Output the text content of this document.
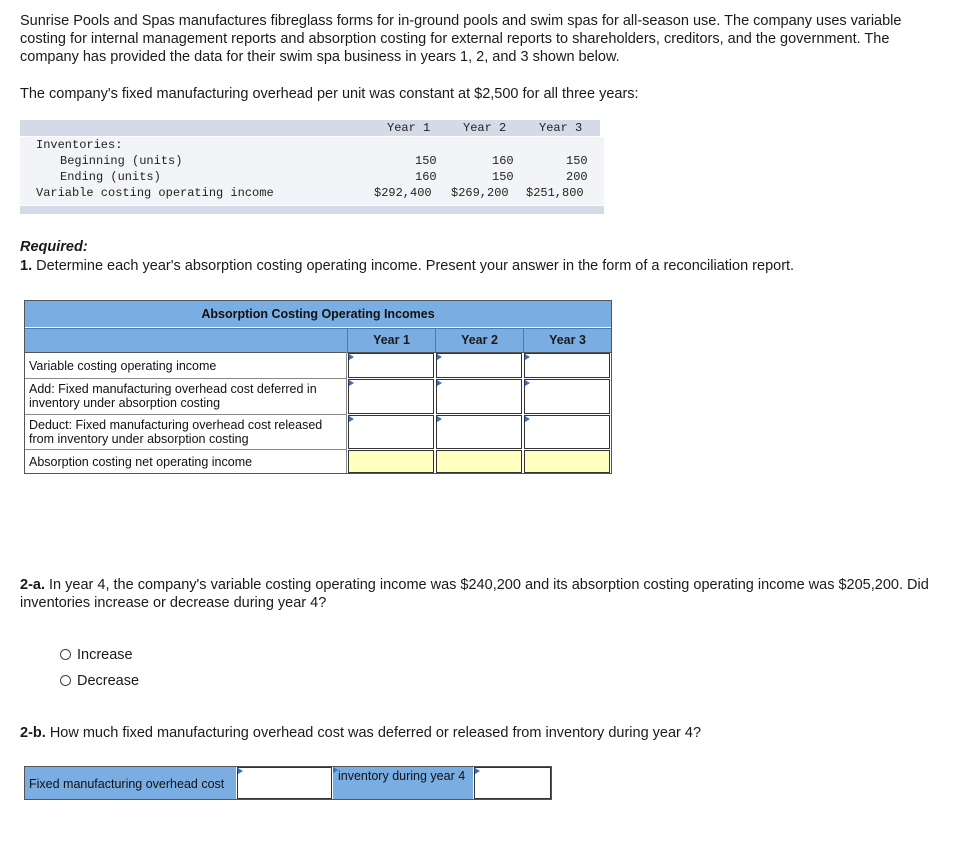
Sunrise Pools and Spas manufactures fibreglass forms for in-ground pools and swim spas for all-season use. The company uses variable costing for internal management reports and absorption costing for external reports to shareholders, creditors, and the government. The company has provided the data for their swim spa business in years 1, 2, and 3 shown below.
The company's fixed manufacturing overhead per unit was constant at $2,500 for all three years:
Year 1	Year 2	Year 3
Inventories:
Beginning (units)	150	160	150
Ending (units)	160	150	200
Variable costing operating income	$292,400 $269,200 $251,800
Required:
1. Determine each year's absorption costing operating income. Present your answer in the form of a reconciliation report.
Absorption Costing Operating Incomes
Year 1	Year 2	Year 3
Variable costing operating income
Add: Fixed manufacturing overhead cost deferred in inventory under absorption costing
Deduct: Fixed manufacturing overhead cost released from inventory under absorption costing
Absorption costing net operating income
2-a. In year 4, the company's variable costing operating income was $240,200 and its absorption costing operating income was $205,200. Did inventories increase or decrease during year 4?
Increase
Decrease
2-b. How much fixed manufacturing overhead cost was deferred or released from inventory during year 4?
Fixed manufacturing overhead cost
inventory during year 4
